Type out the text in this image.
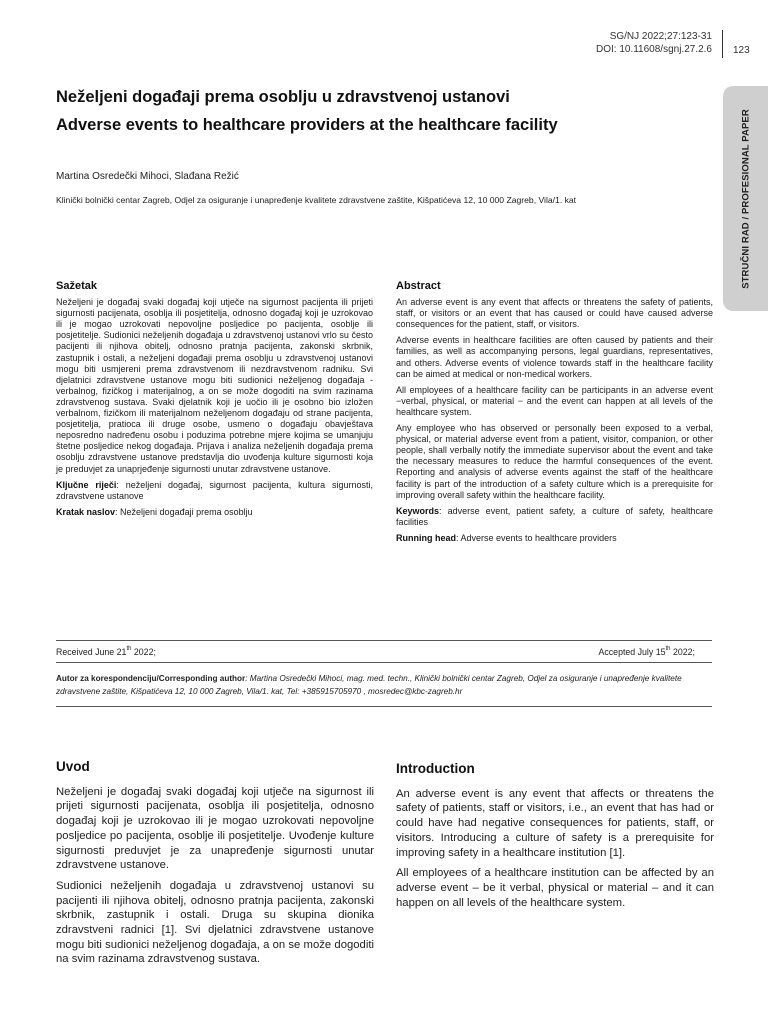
SG/NJ 2022;27:123-31
DOI: 10.11608/sgnj.27.2.6 123
STRUČNI RAD / PROFESIONAL PAPER
Neželjeni događaji prema osoblju u zdravstvenoj ustanovi
Adverse events to healthcare providers at the healthcare facility
Martina Osredečki Mihoci, Slađana Režić
Klinički bolnički centar Zagreb, Odjel za osiguranje i unapređenje kvalitete zdravstvene zaštite, Kišpatićeva 12, 10 000 Zagreb, Vila/1. kat
Sažetak

Neželjeni je događaj svaki događaj koji utječe na sigurnost pacijenta ili prijeti sigurnosti pacijenata, osoblja ili posjetitelja, odnosno događaj koji je uzrokovao ili je mogao uzrokovati nepovoljne posljedice po pacijenta, osoblje ili posjetitelje. Sudionici neželjenih događaja u zdravstvenoj ustanovi vrlo su često pacijenti ili njihova obitelj, odnosno pratnja pacijenta, zakonski skrbnik, zastupnik i ostali, a neželjeni događaji prema osoblju u zdravstvenoj ustanovi mogu biti usmjereni prema zdravstvenom ili nezdravstvenom radniku. Svi djelatnici zdravstvene ustanove mogu biti sudionici neželjenog događaja - verbalnog, fizičkog i materijalnog, a on se može dogoditi na svim razinama zdravstvenog sustava. Svaki djelatnik koji je uočio ili je osobno bio izložen verbalnom, fizičkom ili materijalnom neželjenom događaju od strane pacijenta, posjetitelja, pratioca ili druge osobe, usmeno o događaju obavještava neposredno nadređenu osobu i poduzima potrebne mjere kojima se umanjuju štetne posljedice nekog događaja. Prijava i analiza neželjenih događaja prema osoblju zdravstvene ustanove predstavlja dio uvođenja kulture sigurnosti koja je preduvjet za unaprjeđenje sigurnosti unutar zdravstvene ustanove.

Ključne riječi: neželjeni događaj, sigurnost pacijenta, kultura sigurnosti, zdravstvene ustanove

Kratak naslov: Neželjeni događaji prema osoblju

Abstract

An adverse event is any event that affects or threatens the safety of patients, staff, or visitors or an event that has caused or could have caused adverse consequences for the patient, staff, or visitors.

Adverse events in healthcare facilities are often caused by patients and their families, as well as accompanying persons, legal guardians, representatives, and others. Adverse events of violence towards staff in the healthcare facility can be aimed at medical or non-medical workers.

All employees of a healthcare facility can be participants in an adverse event −verbal, physical, or material − and the event can happen at all levels of the healthcare system.

Any employee who has observed or personally been exposed to a verbal, physical, or material adverse event from a patient, visitor, companion, or other people, shall verbally notify the immediate supervisor about the event and take the necessary measures to reduce the harmful consequences of the event. Reporting and analysis of adverse events against the staff of the healthcare facility is part of the introduction of a safety culture which is a prerequisite for improving overall safety within the healthcare facility.

Keywords: adverse event, patient safety, a culture of safety, healthcare facilities

Running head: Adverse events to healthcare providers

Received June 21th 2022;	Accepted July 15th 2022;
Autor za korespondenciju/Corresponding author: Martina Osredečki Mihoci, mag. med. techn., Klinički bolnički centar Zagreb, Odjel za osiguranje i unapređenje kvalitete zdravstvene zaštite, Kišpatićeva 12, 10 000 Zagreb, Vila/1. kat, Tel: +385915705970 , mosredec@kbc-zagreb.hr
Uvod

Neželjeni je događaj svaki događaj koji utječe na sigurnost ili prijeti sigurnosti pacijenata, osoblja ili posjetitelja, odnosno događaj koji je uzrokovao ili je mogao uzrokovati nepovoljne posljedice po pacijenta, osoblje ili posjetitelje. Uvođenje kulture sigurnosti preduvjet je za unapređenje sigurnosti unutar zdravstvene ustanove.

Sudionici neželjenih događaja u zdravstvenoj ustanovi su pacijenti ili njihova obitelj, odnosno pratnja pacijenta, zakonski skrbnik, zastupnik i ostali. Druga su skupina dionika zdravstveni radnici [1]. Svi djelatnici zdravstvene ustanove mogu biti sudionici neželjenog događaja, a on se može dogoditi na svim razinama zdravstvenog sustava.

Introduction

An adverse event is any event that affects or threatens the safety of patients, staff or visitors, i.e., an event that has had or could have had negative consequences for patients, staff, or visitors. Introducing a culture of safety is a prerequisite for improving safety in a healthcare institution [1].

All employees of a healthcare institution can be affected by an adverse event – be it verbal, physical or material – and it can happen on all levels of the healthcare system.
